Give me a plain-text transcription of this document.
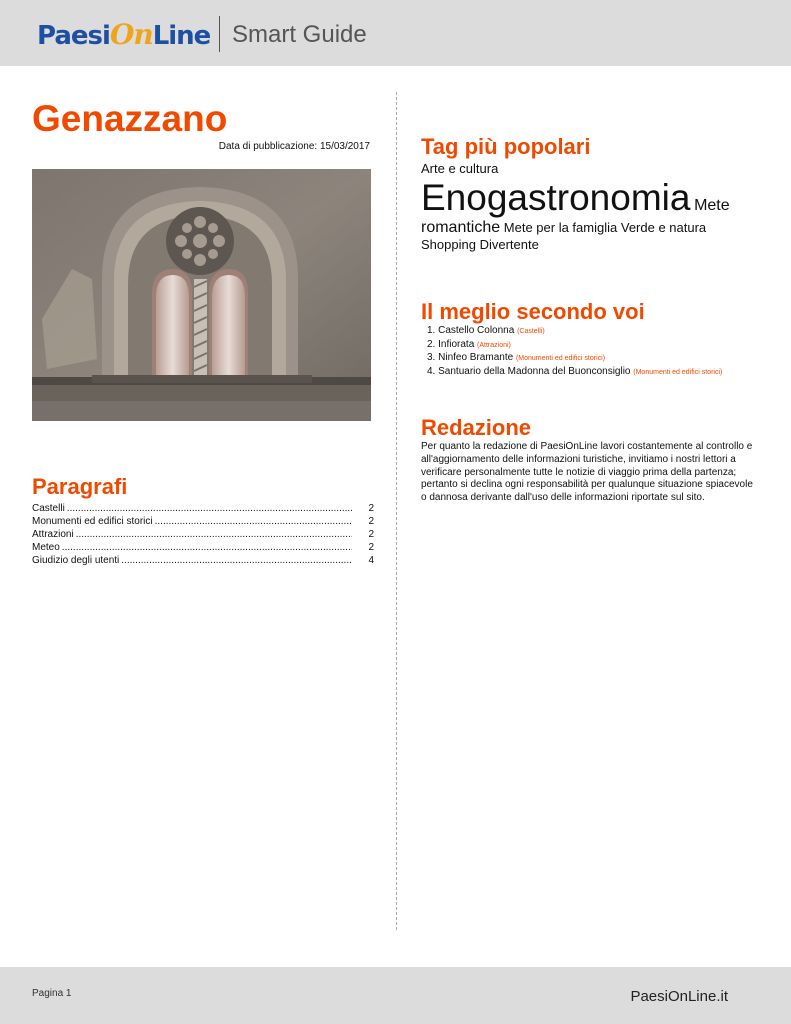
PaesiOnLine Smart Guide
Genazzano
Data di pubblicazione: 15/03/2017
Paragrafi
Castelli .....	2
Monumenti ed edifici storici .....	2
Attrazioni .....	2
Meteo .....	2
Giudizio degli utenti .....	4
Tag più popolari
Arte e cultura
Enogastronomia Mete
romantiche Mete per la famiglia Verde e natura
Shopping Divertente
Il meglio secondo voi
1. Castello Colonna (Castelli)
2. Infiorata (Attrazioni)
3. Ninfeo Bramante (Monumenti ed edifici storici)
4. Santuario della Madonna del Buonconsiglio (Monumenti ed edifici storici)
Redazione
Per quanto la redazione di PaesiOnLine lavori costantemente al controllo e all'aggiornamento delle informazioni turistiche, invitiamo i nostri lettori a verificare personalmente tutte le notizie di viaggio prima della partenza; pertanto si declina ogni responsabilità per qualunque situazione spiacevole o dannosa derivante dall'uso delle informazioni riportate sul sito.
Pagina 1	PaesiOnLine.it
